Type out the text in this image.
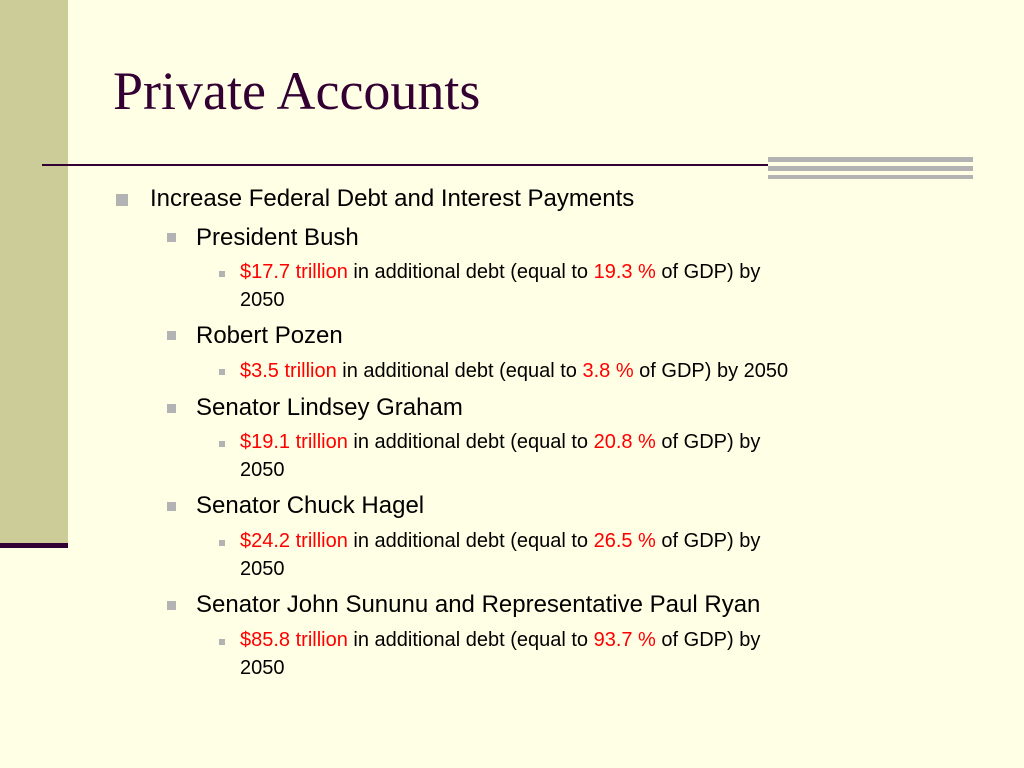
Private Accounts
Increase Federal Debt and Interest Payments
President Bush
$17.7 trillion in additional debt (equal to 19.3 % of GDP) by
2050
Robert Pozen
$3.5 trillion in additional debt (equal to 3.8 % of GDP) by 2050
Senator Lindsey Graham
$19.1 trillion in additional debt (equal to 20.8 % of GDP) by
2050
Senator Chuck Hagel
$24.2 trillion in additional debt (equal to 26.5 % of GDP) by
2050
Senator John Sununu and Representative Paul Ryan
$85.8 trillion in additional debt (equal to 93.7 % of GDP) by
2050
